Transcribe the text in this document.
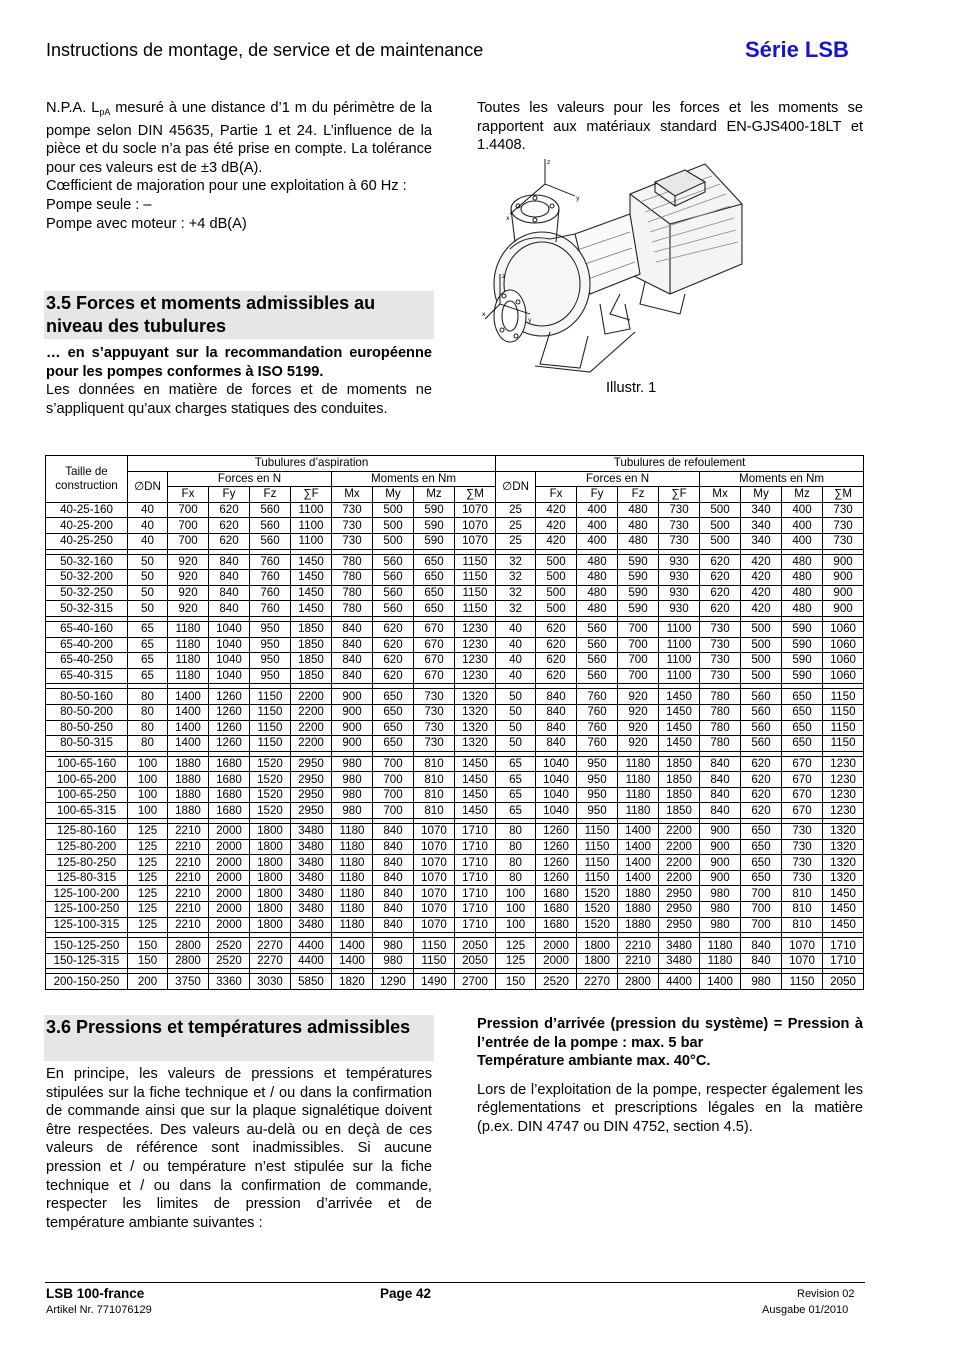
Instructions de montage, de service et de maintenance	Série LSB

N.P.A. $L_{pA}$ mesuré à une distance d’1 m du périmètre de la pompe selon DIN 45635, Partie 1 et 24. L’influence de la pièce et du socle n’a pas été prise en compte. La tolérance pour ces valeurs est de ±3 dB(A).

Cœfficient de majoration pour une exploitation à 60 Hz :

Pompe seule : –

Pompe avec moteur : +4 dB(A)

3.5 Forces et moments admissibles au niveau des tubulures

… en s’appuyant sur la recommandation européenne pour les pompes conformes à ISO 5199.

Les données en matière de forces et de moments ne s’appliquent qu’aux charges statiques des conduites.

Toutes les valeurs pour les forces et les moments se rapportent aux matériaux standard EN-GJS400-18LT et 1.4408.
z
x
y
z
x
y
Illustr. 1
Taille de construction	Tubulures d’aspiration									Tubulures de refoulement								
	∅DN	Forces en N				Moments en Nm				∅DN	Forces en N				Moments en Nm			
		Fx	Fy	Fz	∑F	Mx	My	Mz	∑M		Fx	Fy	Fz	∑F	Mx	My	Mz	∑M
40-25-160	40	700	620	560	1100	730	500	590	1070	25	420	400	480	730	500	340	400	730
40-25-200	40	700	620	560	1100	730	500	590	1070	25	420	400	480	730	500	340	400	730
40-25-250	40	700	620	560	1100	730	500	590	1070	25	420	400	480	730	500	340	400	730

50-32-160	50	920	840	760	1450	780	560	650	1150	32	500	480	590	930	620	420	480	900
50-32-200	50	920	840	760	1450	780	560	650	1150	32	500	480	590	930	620	420	480	900
50-32-250	50	920	840	760	1450	780	560	650	1150	32	500	480	590	930	620	420	480	900
50-32-315	50	920	840	760	1450	780	560	650	1150	32	500	480	590	930	620	420	480	900

65-40-160	65	1180	1040	950	1850	840	620	670	1230	40	620	560	700	1100	730	500	590	1060
65-40-200	65	1180	1040	950	1850	840	620	670	1230	40	620	560	700	1100	730	500	590	1060
65-40-250	65	1180	1040	950	1850	840	620	670	1230	40	620	560	700	1100	730	500	590	1060
65-40-315	65	1180	1040	950	1850	840	620	670	1230	40	620	560	700	1100	730	500	590	1060

80-50-160	80	1400	1260	1150	2200	900	650	730	1320	50	840	760	920	1450	780	560	650	1150
80-50-200	80	1400	1260	1150	2200	900	650	730	1320	50	840	760	920	1450	780	560	650	1150
80-50-250	80	1400	1260	1150	2200	900	650	730	1320	50	840	760	920	1450	780	560	650	1150
80-50-315	80	1400	1260	1150	2200	900	650	730	1320	50	840	760	920	1450	780	560	650	1150

100-65-160	100	1880	1680	1520	2950	980	700	810	1450	65	1040	950	1180	1850	840	620	670	1230
100-65-200	100	1880	1680	1520	2950	980	700	810	1450	65	1040	950	1180	1850	840	620	670	1230
100-65-250	100	1880	1680	1520	2950	980	700	810	1450	65	1040	950	1180	1850	840	620	670	1230
100-65-315	100	1880	1680	1520	2950	980	700	810	1450	65	1040	950	1180	1850	840	620	670	1230

125-80-160	125	2210	2000	1800	3480	1180	840	1070	1710	80	1260	1150	1400	2200	900	650	730	1320
125-80-200	125	2210	2000	1800	3480	1180	840	1070	1710	80	1260	1150	1400	2200	900	650	730	1320
125-80-250	125	2210	2000	1800	3480	1180	840	1070	1710	80	1260	1150	1400	2200	900	650	730	1320
125-80-315	125	2210	2000	1800	3480	1180	840	1070	1710	80	1260	1150	1400	2200	900	650	730	1320
125-100-200	125	2210	2000	1800	3480	1180	840	1070	1710	100	1680	1520	1880	2950	980	700	810	1450
125-100-250	125	2210	2000	1800	3480	1180	840	1070	1710	100	1680	1520	1880	2950	980	700	810	1450
125-100-315	125	2210	2000	1800	3480	1180	840	1070	1710	100	1680	1520	1880	2950	980	700	810	1450

150-125-250	150	2800	2520	2270	4400	1400	980	1150	2050	125	2000	1800	2210	3480	1180	840	1070	1710
150-125-315	150	2800	2520	2270	4400	1400	980	1150	2050	125	2000	1800	2210	3480	1180	840	1070	1710

200-150-250	200	3750	3360	3030	5850	1820	1290	1490	2700	150	2520	2270	2800	4400	1400	980	1150	2050
3.6 Pressions et températures admissibles
En principe, les valeurs de pressions et températures stipulées sur la fiche technique et / ou dans la confirmation de commande ainsi que sur la plaque signalétique doivent être respectées. Des valeurs au-delà ou en deçà de ces valeurs de référence sont inadmissibles. Si aucune pression et / ou température n’est stipulée sur la fiche technique et / ou dans la confirmation de commande, respecter les limites de pression d’arrivée et de température ambiante suivantes :

Pression d’arrivée (pression du système) = Pression à l’entrée de la pompe : max. 5 bar

Température ambiante max. 40°C.

Lors de l’exploitation de la pompe, respecter également les réglementations et prescriptions légales en la matière (p.ex. DIN 4747 ou DIN 4752, section 4.5).

LSB 100-france
Artikel Nr. 771076129
Page 42	Revision 02
Ausgabe 01/2010
